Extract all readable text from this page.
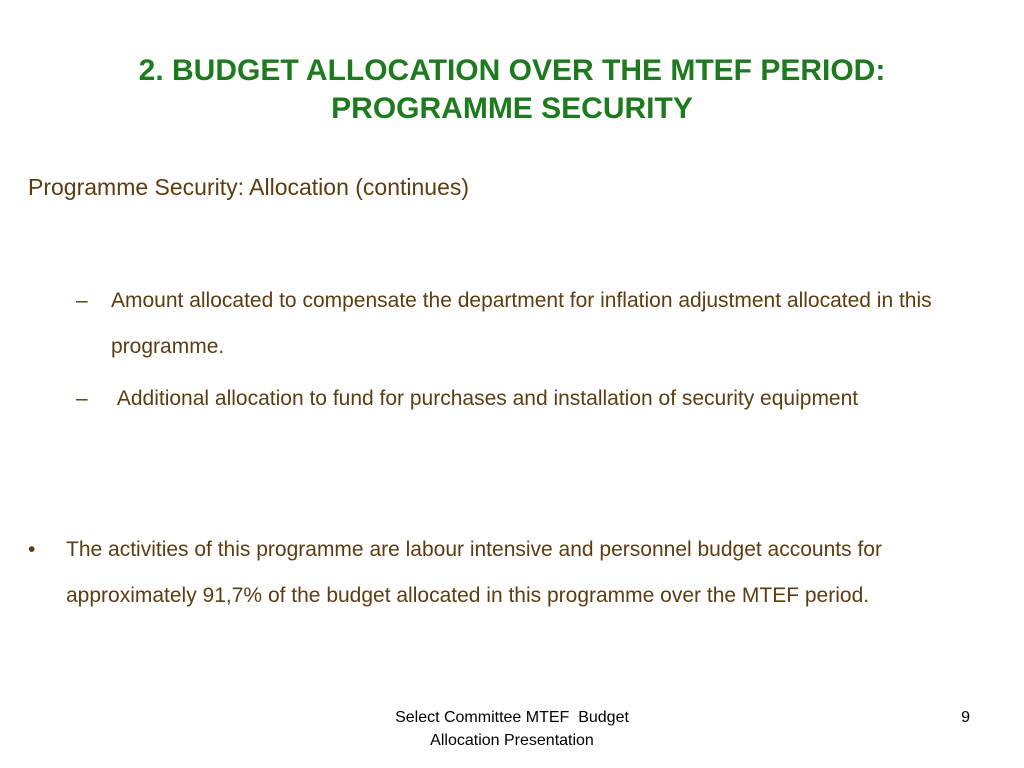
2. BUDGET ALLOCATION OVER THE MTEF PERIOD:
PROGRAMME SECURITY
Programme Security: Allocation (continues)
–	Amount allocated to compensate the department for inflation adjustment allocated in this programme.
–	Additional allocation to fund for purchases and installation of security equipment
•	The activities of this programme are labour intensive and personnel budget accounts for approximately 91,7% of the budget allocated in this programme over the MTEF period.
Select Committee MTEF  Budget
Allocation Presentation
9
